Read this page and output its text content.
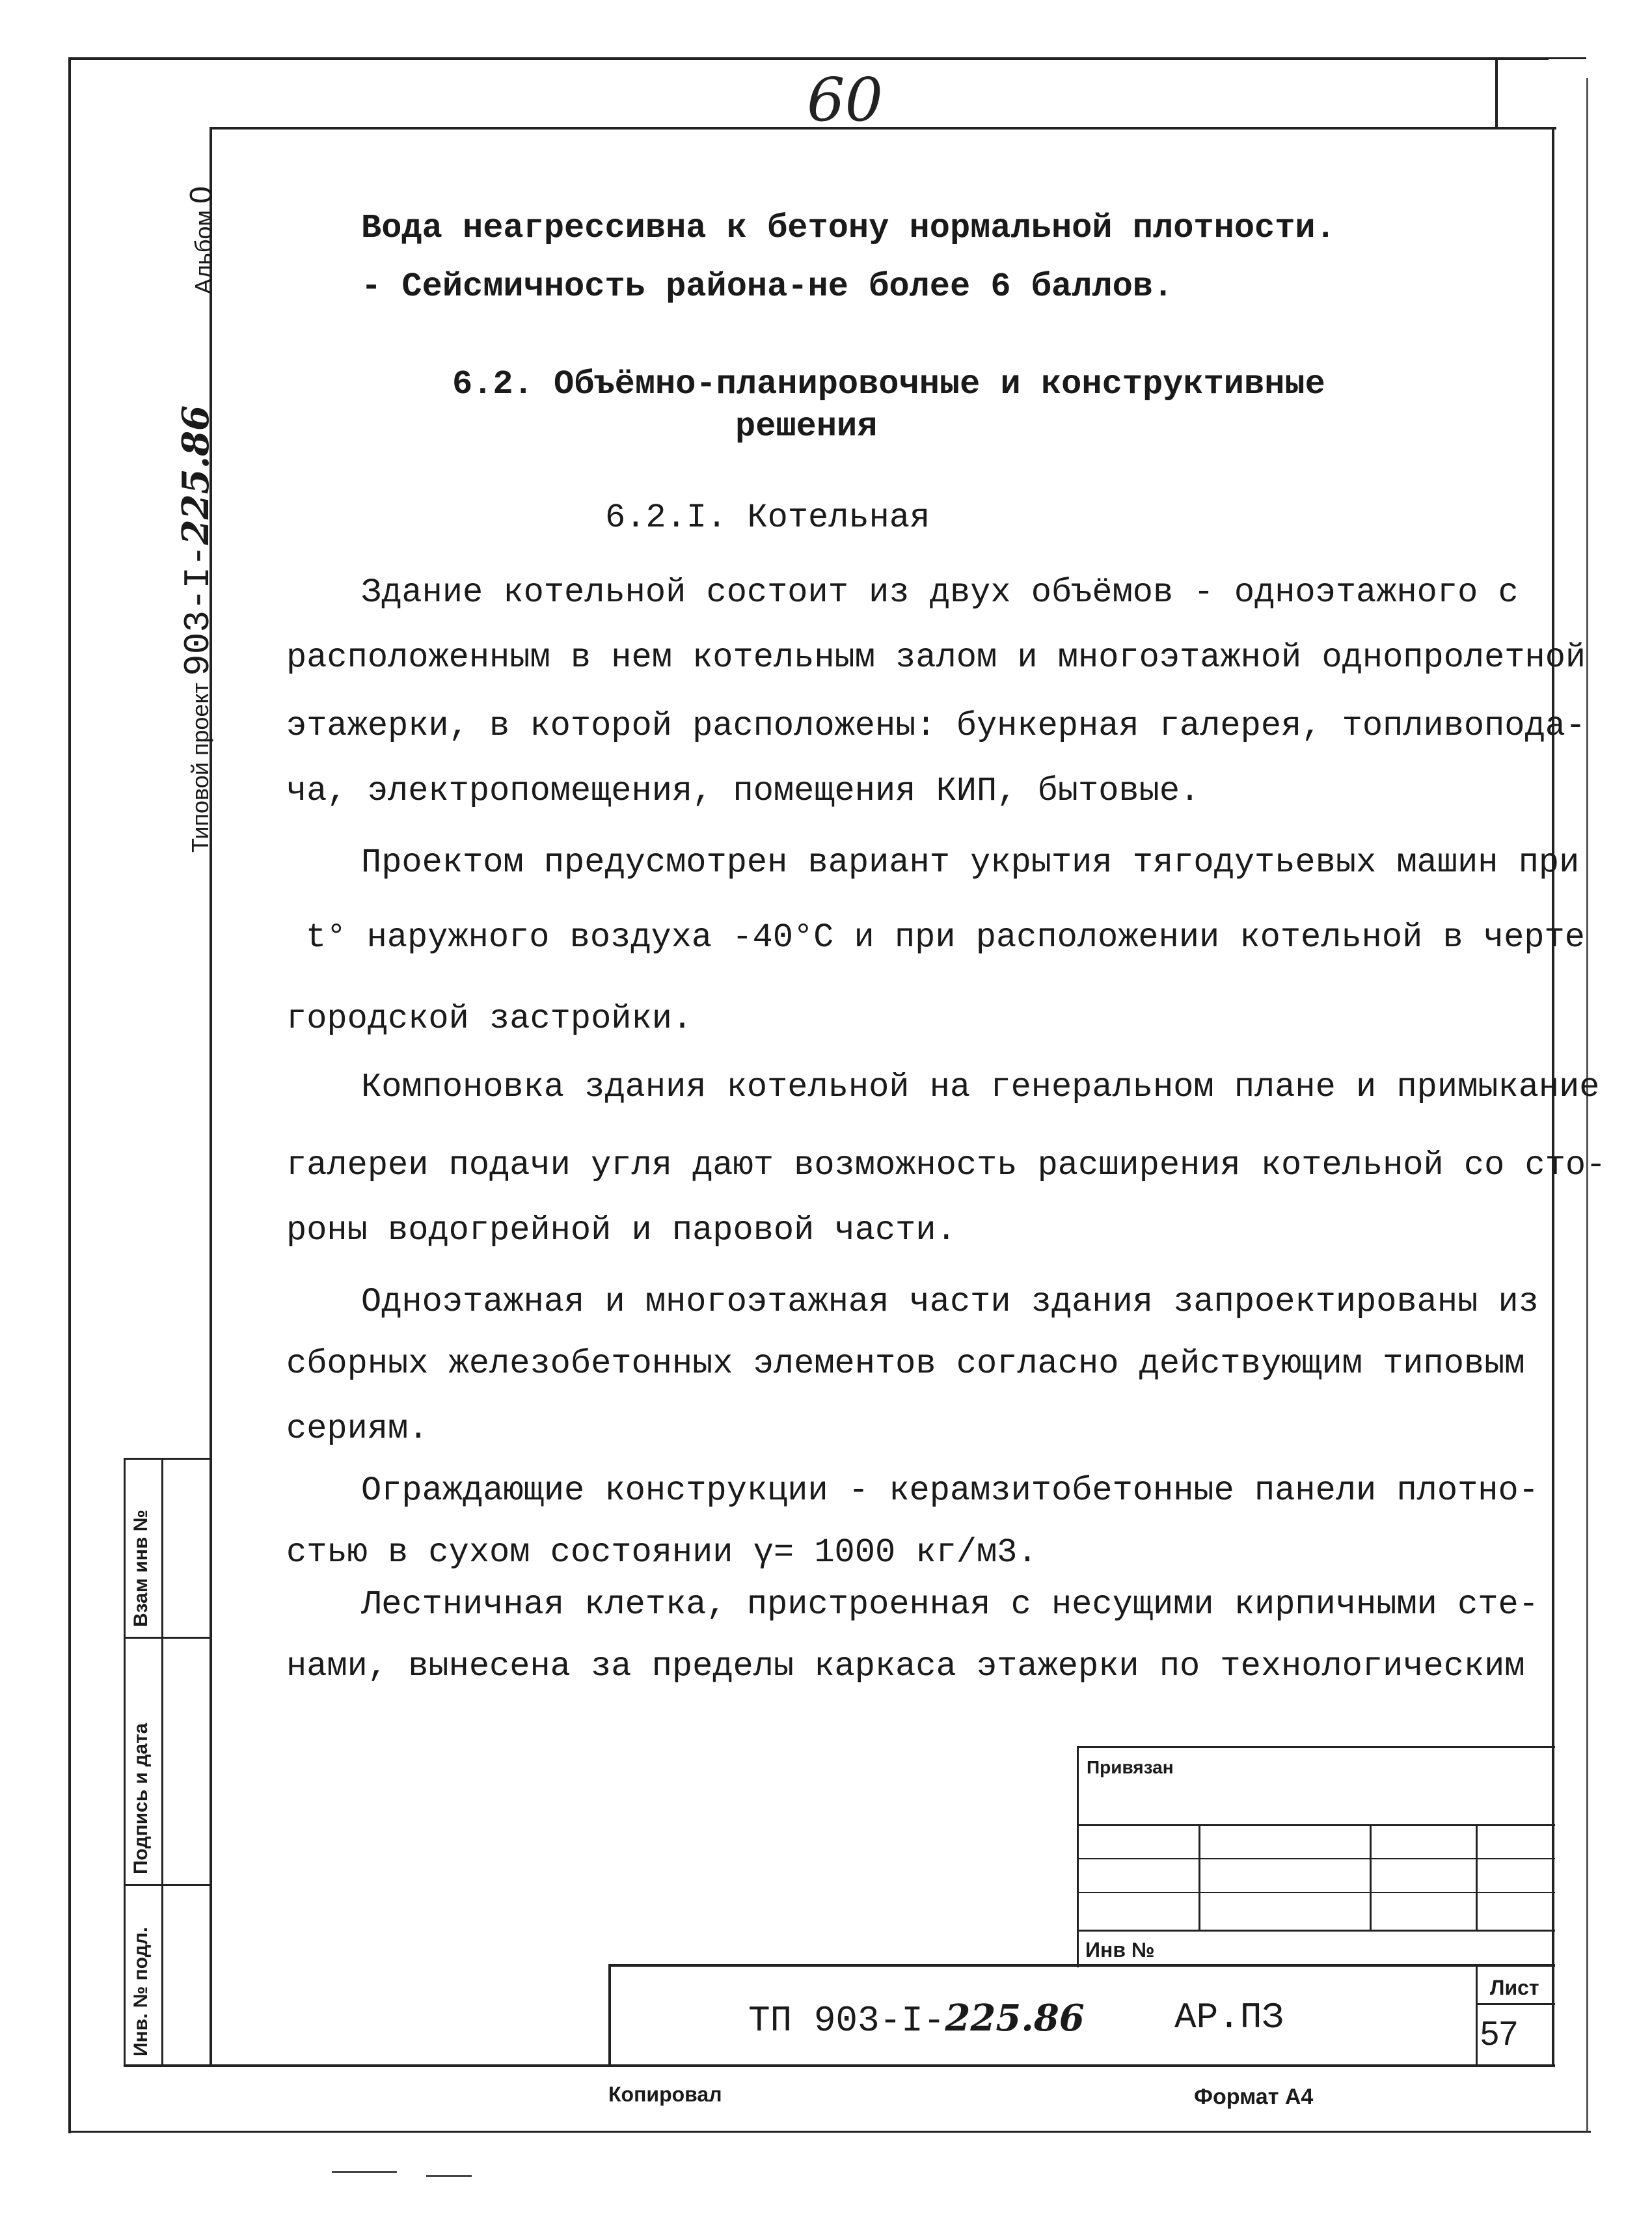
60
Альбом 0
Типовой проект 903-I-225.86
Инв. № подл.
Подпись и дата
Взам инв №
Вода неагрессивна к бетону нормальной плотности.
- Сейсмичность района-не более 6 баллов.
6.2. Объёмно-планировочные и конструктивные
решения
6.2.I. Котельная
Здание котельной состоит из двух объёмов - одноэтажного с
расположенным в нем котельным залом и многоэтажной однопролетной
этажерки, в которой расположены: бункерная галерея, топливопода-
ча, электропомещения, помещения КИП, бытовые.
Проектом предусмотрен вариант укрытия тягодутьевых машин при
t° наружного воздуха -40°С и при расположении котельной в черте
городской застройки.
Компоновка здания котельной на генеральном плане и примыкание
галереи подачи угля дают возможность расширения котельной со сто-
роны водогрейной и паровой части.
Одноэтажная и многоэтажная части здания запроектированы из
сборных железобетонных элементов согласно действующим типовым
сериям.
Ограждающие конструкции - керамзитобетонные панели плотно-
стью в сухом состоянии γ= 1000 кг/м3.
Лестничная клетка, пристроенная с несущими кирпичными сте-
нами, вынесена за пределы каркаса этажерки по технологическим
Привязан
Инв №
ТП 903-I-225.86 АР.ПЗ
Лист
57
Копировал	Формат А4
